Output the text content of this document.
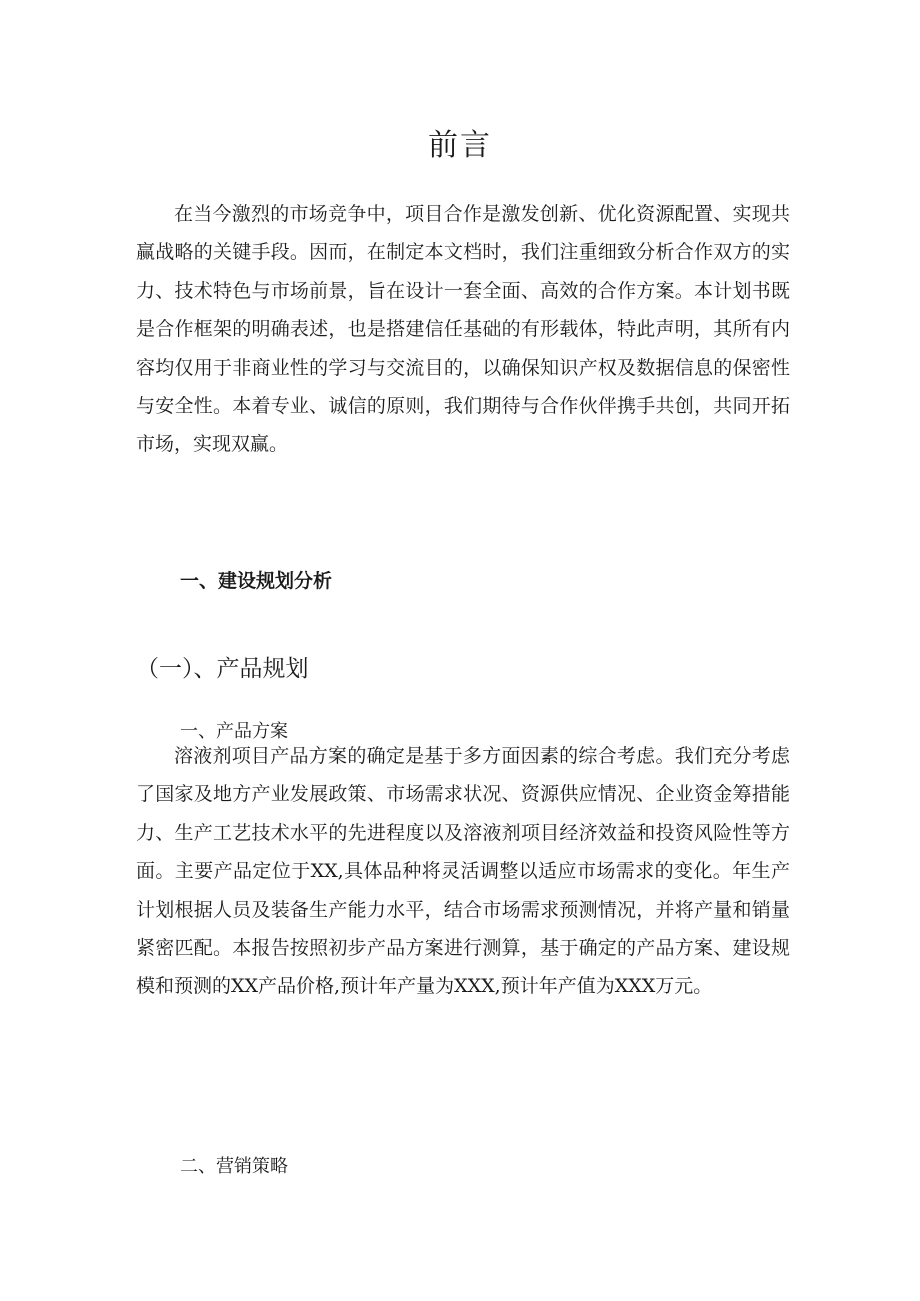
前言

在当今激烈的市场竞争中，项目合作是激发创新、优化资源配置、实现共赢战略的关键手段。因而，在制定本文档时，我们注重细致分析合作双方的实力、技术特色与市场前景，旨在设计一套全面、高效的合作方案。本计划书既是合作框架的明确表述，也是搭建信任基础的有形载体，特此声明，其所有内容均仅用于非商业性的学习与交流目的，以确保知识产权及数据信息的保密性与安全性。本着专业、诚信的原则，我们期待与合作伙伴携手共创，共同开拓市场，实现双赢。

一、建设规划分析
（一）、产品规划
一、产品方案

溶液剂项目产品方案的确定是基于多方面因素的综合考虑。我们充分考虑了国家及地方产业发展政策、市场需求状况、资源供应情况、企业资金筹措能力、生产工艺技术水平的先进程度以及溶液剂项目经济效益和投资风险性等方面。主要产品定位于XX,具体品种将灵活调整以适应市场需求的变化。年生产计划根据人员及装备生产能力水平，结合市场需求预测情况，并将产量和销量紧密匹配。本报告按照初步产品方案进行测算，基于确定的产品方案、建设规模和预测的XX产品价格,预计年产量为XXX,预计年产值为XXX万元。

二、营销策略
